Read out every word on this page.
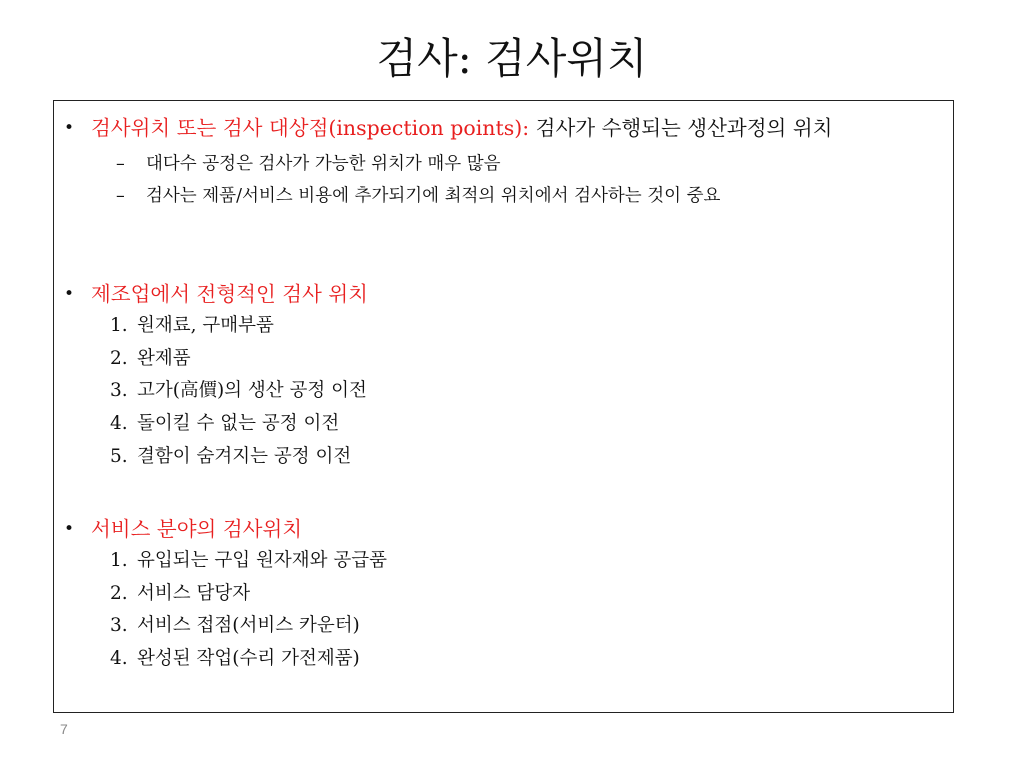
검사: 검사위치
• 검사위치 또는 검사 대상점(inspection points): 검사가 수행되는 생산과정의 위치
– 대다수 공정은 검사가 가능한 위치가 매우 많음
– 검사는 제품/서비스 비용에 추가되기에 최적의 위치에서 검사하는 것이 중요
• 제조업에서 전형적인 검사 위치
1. 원재료, 구매부품
2. 완제품
3. 고가(高價)의 생산 공정 이전
4. 돌이킬 수 없는 공정 이전
5. 결함이 숨겨지는 공정 이전
• 서비스 분야의 검사위치
1. 유입되는 구입 원자재와 공급품
2. 서비스 담당자
3. 서비스 접점(서비스 카운터)
4. 완성된 작업(수리 가전제품)
7
